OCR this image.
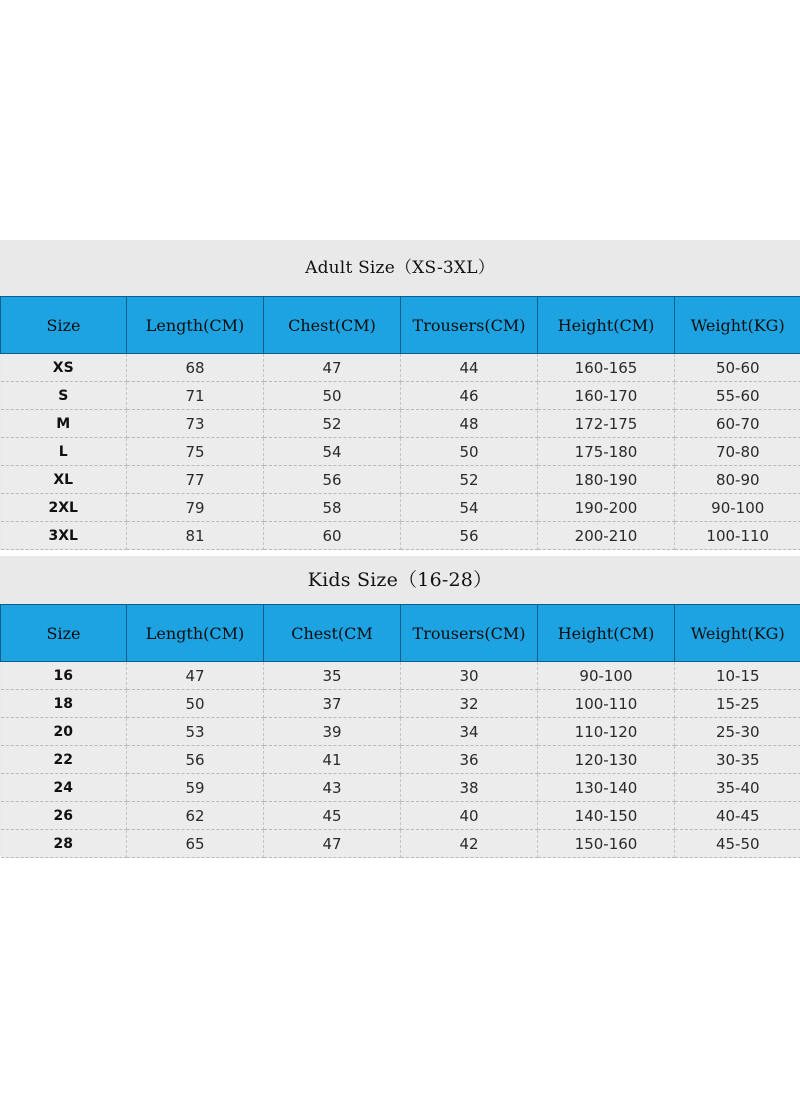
Adult Size（XS-3XL）
Size	Length(CM)	Chest(CM)	Trousers(CM)	Height(CM)	Weight(KG)
XS	68	47	44	160-165	50-60
S	71	50	46	160-170	55-60
M	73	52	48	172-175	60-70
L	75	54	50	175-180	70-80
XL	77	56	52	180-190	80-90
2XL	79	58	54	190-200	90-100
3XL	81	60	56	200-210	100-110
Kids Size（16-28）
Size	Length(CM)	Chest(CM	Trousers(CM)	Height(CM)	Weight(KG)
16	47	35	30	90-100	10-15
18	50	37	32	100-110	15-25
20	53	39	34	110-120	25-30
22	56	41	36	120-130	30-35
24	59	43	38	130-140	35-40
26	62	45	40	140-150	40-45
28	65	47	42	150-160	45-50
